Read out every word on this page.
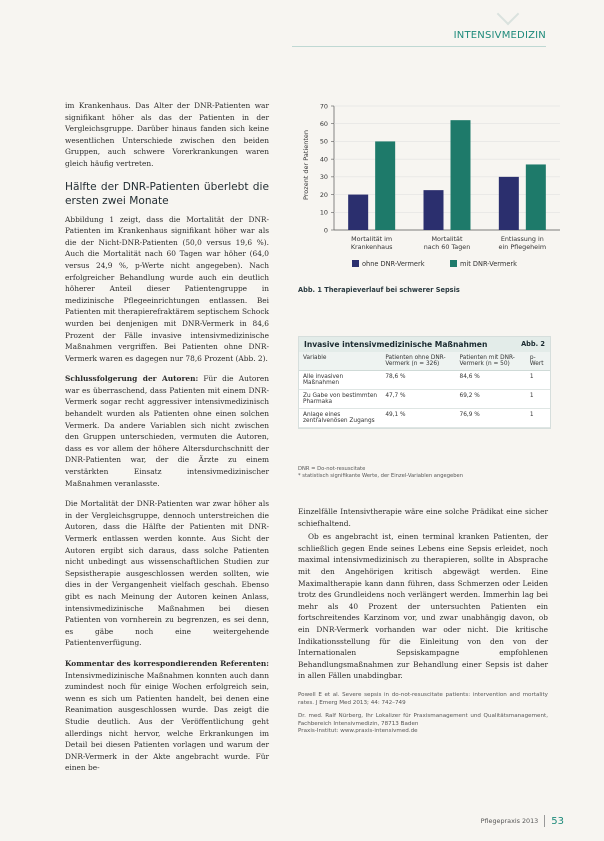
INTENSIVMEDIZIN

im Krankenhaus. Das Alter der DNR-Patienten war signifikant höher als das der Patienten in der Vergleichsgruppe. Darüber hinaus fanden sich keine wesentlichen Unterschiede zwischen den beiden Gruppen, auch schwere Vorerkrankungen waren gleich häufig vertreten.

Hälfte der DNR-Patienten überlebt die ersten zwei Monate

Abbildung 1 zeigt, dass die Mortalität der DNR-Patienten im Krankenhaus signifikant höher war als die der Nicht-DNR-Patienten (50,0 versus 19,6 %). Auch die Mortalität nach 60 Tagen war höher (64,0 versus 24,9 %, p-Werte nicht angegeben). Nach erfolgreicher Behandlung wurde auch ein deutlich höherer Anteil dieser Patientengruppe in medizinische Pflegeeinrichtungen entlassen. Bei Patienten mit therapierefraktärem septischem Schock wurden bei denjenigen mit DNR-Vermerk in 84,6 Prozent der Fälle invasive intensivmedizinische Maßnahmen vergriffen. Bei Patienten ohne DNR-Vermerk waren es dagegen nur 78,6 Prozent (Abb. 2).

Schlussfolgerung der Autoren: Für die Autoren war es überraschend, dass Patienten mit einem DNR-Vermerk sogar recht aggressiver intensivmedizinisch behandelt wurden als Patienten ohne einen solchen Vermerk. Da andere Variablen sich nicht zwischen den Gruppen unterschieden, vermuten die Autoren, dass es vor allem der höhere Altersdurchschnitt der DNR-Patienten war, der die Ärzte zu einem verstärkten Einsatz intensivmedizinischer Maßnahmen veranlasste.

Die Mortalität der DNR-Patienten war zwar höher als in der Vergleichsgruppe, dennoch unterstreichen die Autoren, dass die Hälfte der Patienten mit DNR-Vermerk entlassen werden konnte. Aus Sicht der Autoren ergibt sich daraus, dass solche Patienten nicht unbedingt aus wissenschaftlichen Studien zur Sepsistherapie ausgeschlossen werden sollten, wie dies in der Vergangenheit vielfach geschah. Ebenso gibt es nach Meinung der Autoren keinen Anlass, intensivmedizinische Maßnahmen bei diesen Patienten von vornherein zu begrenzen, es sei denn, es gäbe noch eine weitergehende Patientenverfügung.

Kommentar des korrespondierenden Referenten: Intensivmedizinische Maßnahmen konnten auch dann zumindest noch für einige Wochen erfolgreich sein, wenn es sich um Patienten handelt, bei denen eine Reanimation ausgeschlossen wurde. Das zeigt die Studie deutlich. Aus der Veröffentlichung geht allerdings nicht hervor, welche Erkrankungen im Detail bei diesen Patienten vorlagen und warum der DNR-Vermerk in der Akte angebracht wurde. Für einen be-

Prozent der Patienten
0
10
20
30
40
50
60
70
Mortalität im Krankenhaus
Mortalität nach 60 Tagen
Entlassung in ein Pflegeheim
ohne DNR-Vermerk	mit DNR-Vermerk
Abb. 1 Therapieverlauf bei schwerer Sepsis
Invasive intensivmedizinische Maßnahmen	Abb. 2
Variable	Patienten ohne DNR-Vermerk (n = 326)	Patienten mit DNR-Vermerk (n = 50)	p-Wert
Alle invasiven Maßnahmen	78,6 %	84,6 %	1
Zu Gabe von bestimmten Pharmaka	47,7 %	69,2 %	1
Anlage eines zentralvenösen Zugangs	49,1 %	76,9 %	1
DNR = Do-not-resuscitate
* statistisch signifikante Werte, der Einzel-Variablen angegeben

Einzelfälle Intensivtherapie wäre eine solche Prädikat eine sicher schiefhaltend.

Ob es angebracht ist, einen terminal kranken Patienten, der schließlich gegen Ende seines Lebens eine Sepsis erleidet, noch maximal intensivmedizinisch zu therapieren, sollte in Absprache mit den Angehörigen kritisch abgewägt werden. Eine Maximaltherapie kann dann führen, dass Schmerzen oder Leiden trotz des Grundleidens noch verlängert werden. Immerhin lag bei mehr als 40 Prozent der untersuchten Patienten ein fortschreitendes Karzinom vor, und zwar unabhängig davon, ob ein DNR-Vermerk vorhanden war oder nicht. Die kritische Indikationsstellung für die Einleitung von den von der Internationalen Sepsiskampagne empfohlenen Behandlungsmaßnahmen zur Behandlung einer Sepsis ist daher in allen Fällen unabdingbar.

Powell E et al. Severe sepsis in do-not-resuscitate patients: intervention and mortality rates. J Emerg Med 2013; 44: 742–749
Dr. med. Ralf Nürberg, Ihr Lokalizer für Praxismanagement und Qualitätsmanagement, Fachbereich Intensivmedizin, 78713 Baden
Praxis-Institut: www.praxis-intensivmed.de
Pflegepraxis 2013 53
